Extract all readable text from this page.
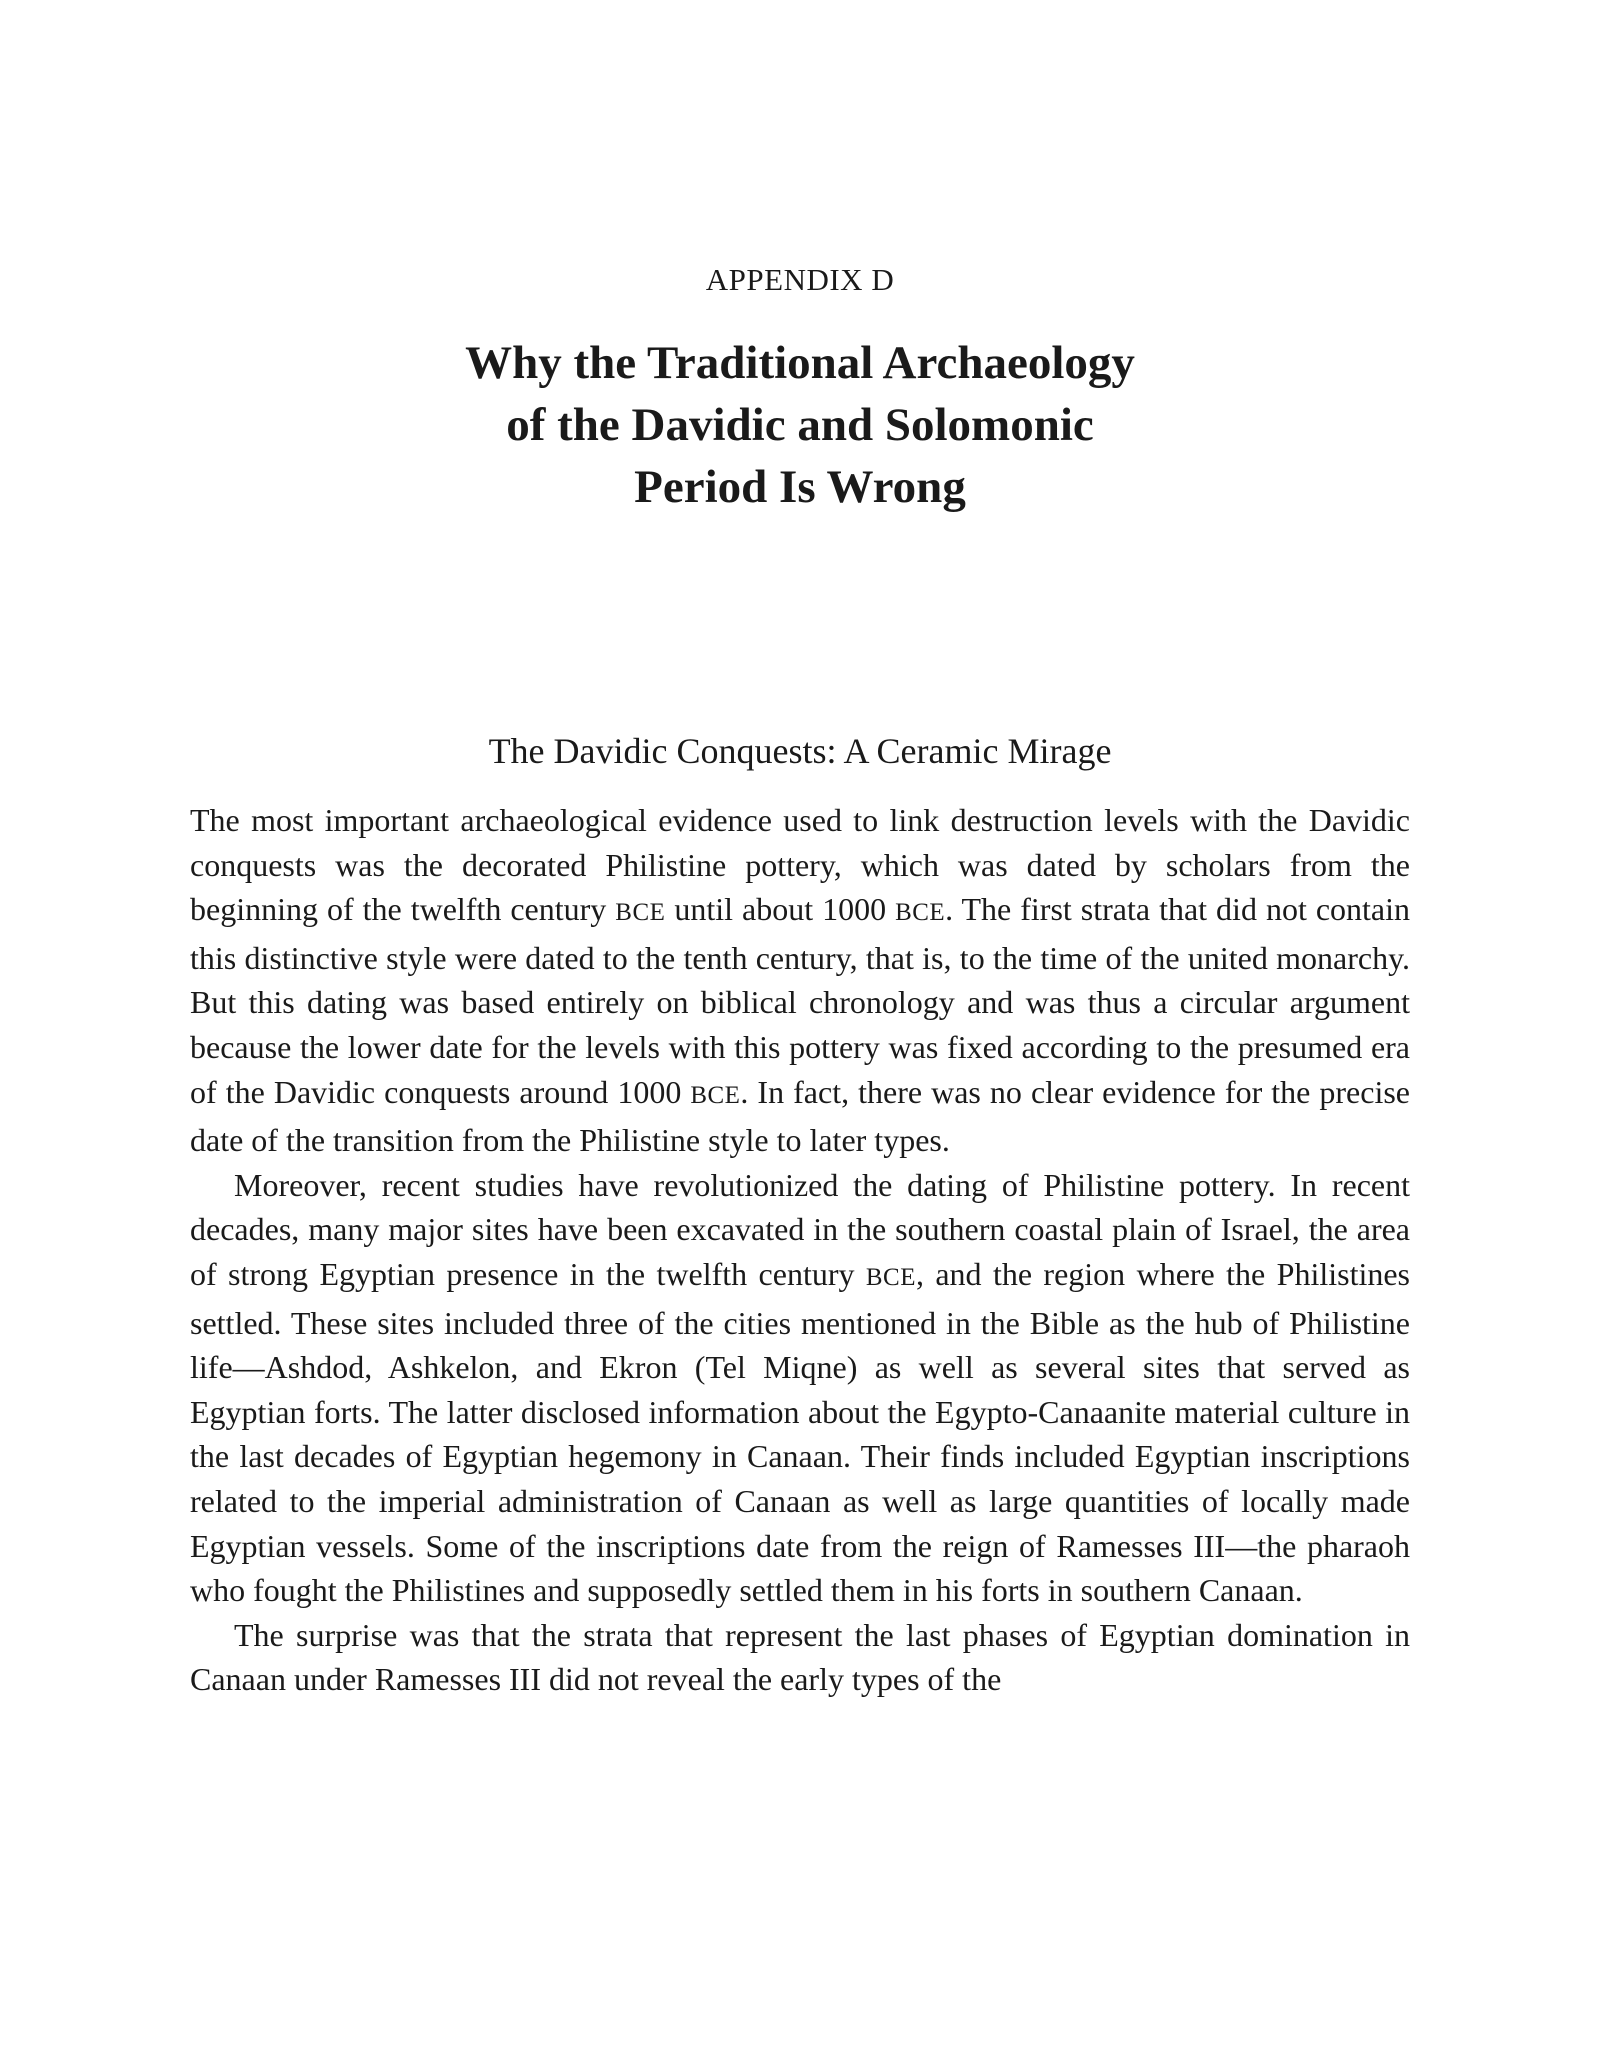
APPENDIX D
Why the Traditional Archaeology
of the Davidic and Solomonic
Period Is Wrong
The Davidic Conquests: A Ceramic Mirage

The most important archaeological evidence used to link destruction levels with the Davidic conquests was the decorated Philistine pottery, which was dated by scholars from the beginning of the twelfth century BCE until about 1000 BCE. The first strata that did not contain this distinctive style were dated to the tenth century, that is, to the time of the united monarchy. But this dating was based entirely on biblical chronology and was thus a circular argument because the lower date for the levels with this pottery was fixed according to the presumed era of the Davidic conquests around 1000 BCE. In fact, there was no clear evidence for the precise date of the transition from the Philistine style to later types.

Moreover, recent studies have revolutionized the dating of Philistine pottery. In recent decades, many major sites have been excavated in the southern coastal plain of Israel, the area of strong Egyptian presence in the twelfth century BCE, and the region where the Philistines settled. These sites included three of the cities mentioned in the Bible as the hub of Philistine life—Ashdod, Ashkelon, and Ekron (Tel Miqne) as well as several sites that served as Egyptian forts. The latter disclosed information about the Egypto-Canaanite material culture in the last decades of Egyptian hegemony in Canaan. Their finds included Egyptian inscriptions related to the imperial administration of Canaan as well as large quantities of locally made Egyptian vessels. Some of the inscriptions date from the reign of Ramesses III—the pharaoh who fought the Philistines and supposedly settled them in his forts in southern Canaan.

The surprise was that the strata that represent the last phases of Egyptian domination in Canaan under Ramesses III did not reveal the early types of the
